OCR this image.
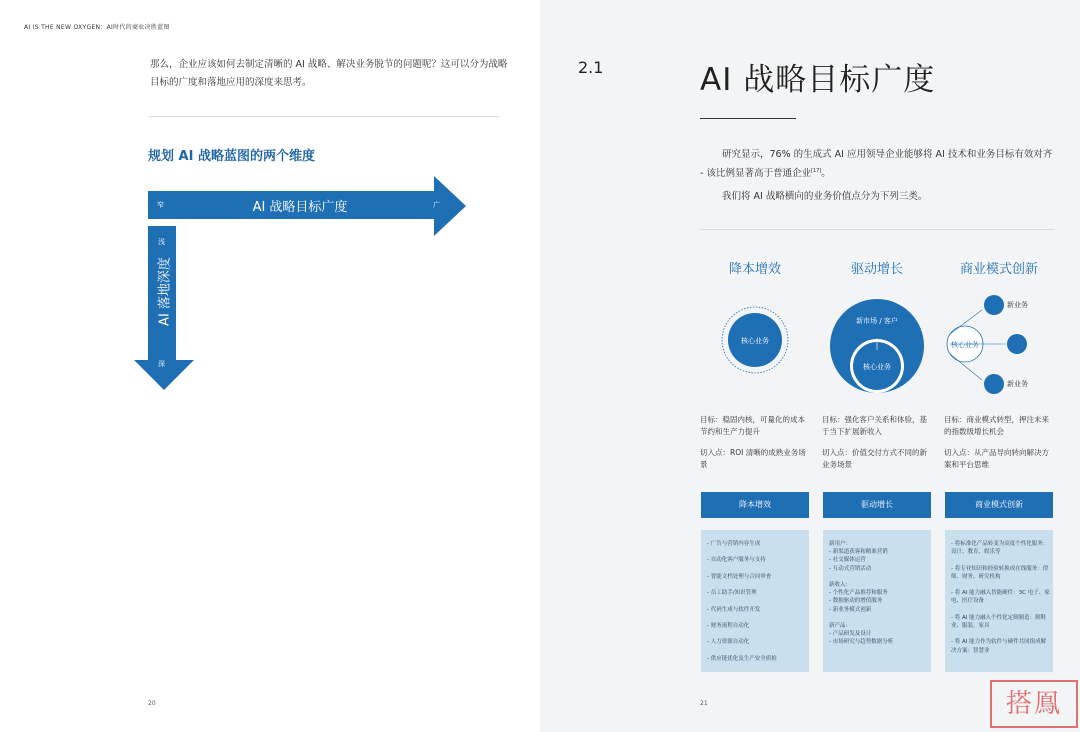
AI IS THE NEW OXYGEN：AI时代的商业决胜蓝图
那么，企业应该如何去制定清晰的 AI 战略、解决业务脱节的问题呢？这可以分为战略目标的广度和落地应用的深度来思考。
规划 AI 战略蓝图的两个维度
AI 战略目标广度
窄	广
AI 落地深度
浅
深
20
2.1	AI 战略目标广度
研究显示，76% 的生成式 AI 应用领导企业能够将 AI 技术和业务目标有效对齐 - 该比例显著高于普通企业[17]。
我们将 AI 战略横向的业务价值点分为下列三类。
降本增效	驱动增长	商业模式创新
核心业务
新市场 / 客户
核心业务
核心业务
新业务
新业务
目标：稳固内核，可量化的成本节约和生产力提升
目标：强化客户关系和体验，基于当下扩展新收入
目标：商业模式转型，押注未来的指数级增长机会
切入点：ROI 清晰的成熟业务场景
切入点：价值交付方式不同的新业务场景
切入点：从产品导向转向解决方案和平台思维
降本增效	驱动增长	商业模式创新
- 广告与营销内容生成

- 自动化客户服务与支持

- 智能文档处理与合同审查

- 员工助手/知识管理

- 代码生成与软件开发

- 财务流程自动化

- 人力资源自动化

- 供应链优化及生产安全质检
新用户：
- 新渠道获客和精准营销
- 社交媒体运营
- 互动式营销活动

新收入：
- 个性化产品推荐和服务
- 数据驱动的增值服务
- 新业务模式创新

新产品：
- 产品研发及设计
- 市场研究与趋势数据分析
- 将标准化产品转变为高度个性化服务：设计、教育、娱乐等

- 将专业知识和经验转换成在线服务：律师、财务、研究机构

- 将 AI 能力融入智能硬件：3C 电子、家电、医疗设备

- 将 AI 能力融入个性化定制制造：制鞋业、服装、家具

- 将 AI 能力作为软件与硬件共同组成解决方案：智慧业
21	搭鳯
